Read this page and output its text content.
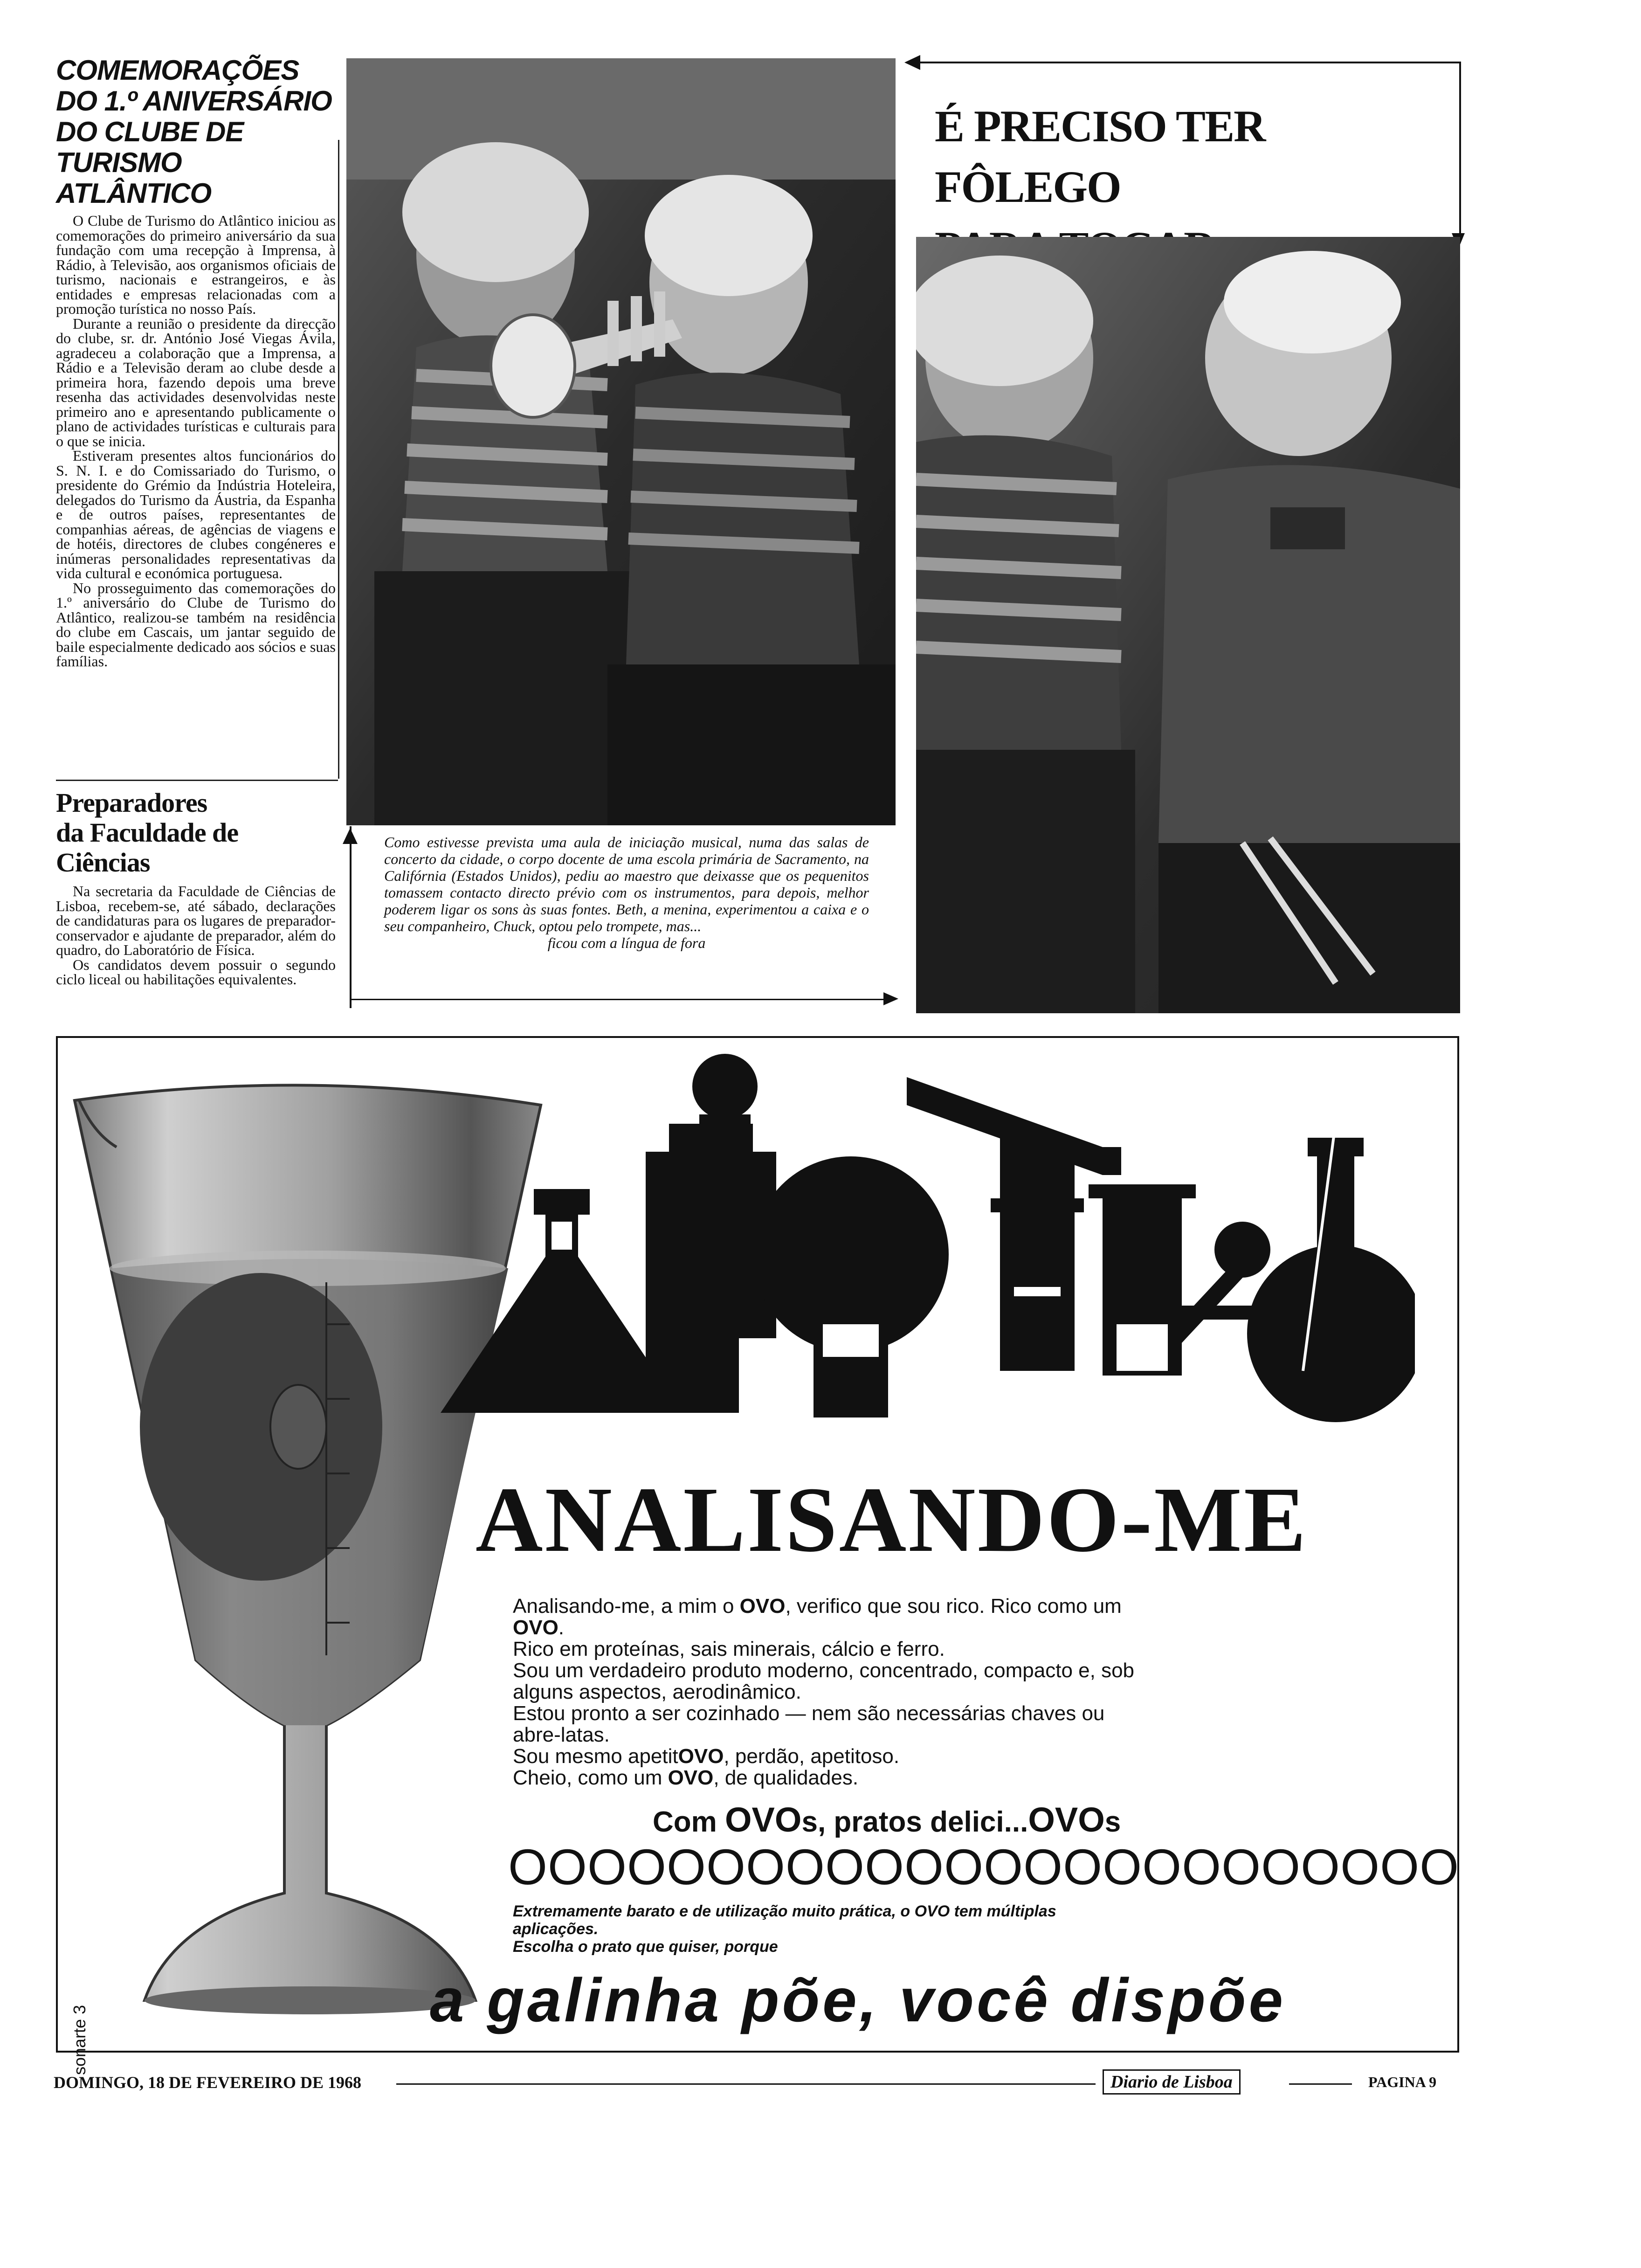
COMEMORAÇÕES
DO 1.º ANIVERSÁRIO
DO CLUBE DE TURISMO
ATLÂNTICO

O Clube de Turismo do Atlântico iniciou as comemorações do primeiro aniversário da sua fundação com uma recepção à Imprensa, à Rádio, à Televisão, aos organismos oficiais de turismo, nacionais e estrangeiros, e às entidades e empresas relacionadas com a promoção turística no nosso País.

Durante a reunião o presidente da direcção do clube, sr. dr. António José Viegas Ávila, agradeceu a colaboração que a Imprensa, a Rádio e a Televisão deram ao clube desde a primeira hora, fazendo depois uma breve resenha das actividades desenvolvidas neste primeiro ano e apresentando publicamente o plano de actividades turísticas e culturais para o que se inicia.

Estiveram presentes altos funcionários do S. N. I. e do Comissariado do Turismo, o presidente do Grémio da Indústria Hoteleira, delegados do Turismo da Áustria, da Espanha e de outros países, representantes de companhias aéreas, de agências de viagens e de hotéis, directores de clubes congéneres e inúmeras personalidades representativas da vida cultural e económica portuguesa.

No prosseguimento das comemorações do 1.º aniversário do Clube de Turismo do Atlântico, realizou-se também na residência do clube em Cascais, um jantar seguido de baile especialmente dedicado aos sócios e suas famílias.

Preparadores
da Faculdade de Ciências

Na secretaria da Faculdade de Ciências de Lisboa, recebem-se, até sábado, declarações de candidaturas para os lugares de preparador-conservador e ajudante de preparador, além do quadro, do Laboratório de Física.

Os candidatos devem possuir o segundo ciclo liceal ou habilitações equivalentes.

É PRECISO TER FÔLEGO
Como estivesse prevista uma aula de iniciação musical, numa das salas de concerto da cidade, o corpo docente de uma escola primária de Sacramento, na Califórnia (Estados Unidos), pediu ao maestro que deixasse que os pequenitos tomassem contacto directo prévio com os instrumentos, para depois, melhor poderem ligar os sons às suas fontes. Beth, a menina, experimentou a caixa e o seu companheiro, Chuck, optou pelo trompete, mas...
ficou com a língua de fora
ANALISANDO-ME
Analisando-me, a mim o OVO, verifico que sou rico. Rico como um
OVO.
Rico em proteínas, sais minerais, cálcio e ferro.
Sou um verdadeiro produto moderno, concentrado, compacto e, sob
alguns aspectos, aerodinâmico.
Estou pronto a ser cozinhado — nem são necessárias chaves ou
abre-latas.
Sou mesmo apetitOVO, perdão, apetitoso.
Cheio, como um OVO, de qualidades.
Com OVOs, pratos delici...OVOs
OOOOOOOOOOOOOOOOOOOOOOOO
Extremamente barato e de utilização muito prática, o OVO tem múltiplas
aplicações.
Escolha o prato que quiser, porque
a galinha põe, você dispõe
sonarte 3
DOMINGO, 18 DE FEVEREIRO DE 1968	Diario de Lisboa	PAGINA 9
